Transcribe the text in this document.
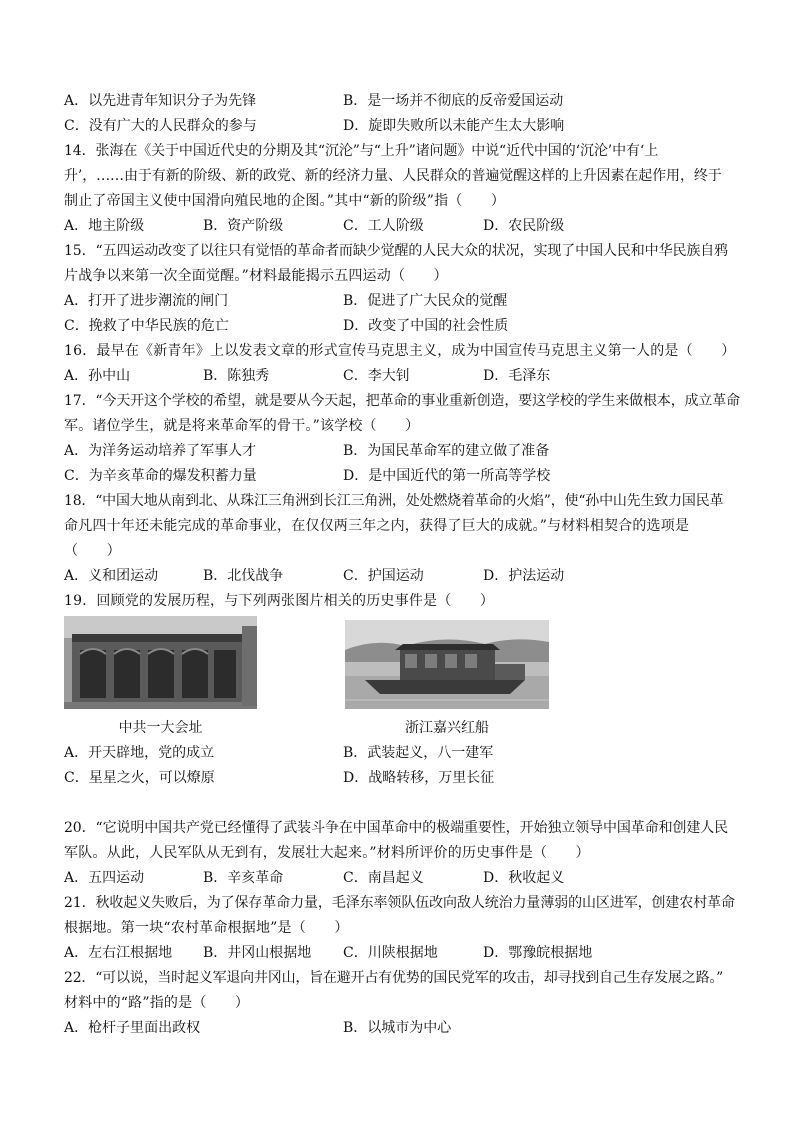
A．以先进青年知识分子为先锋	B．是一场并不彻底的反帝爱国运动
C．没有广大的人民群众的参与	D．旋即失败所以未能产生太大影响
14．张海在《关于中国近代史的分期及其“沉沦”与“上升”诸问题》中说“近代中国的‘沉沦’中有‘上
升’，……由于有新的阶级、新的政党、新的经济力量、人民群众的普遍觉醒这样的上升因素在起作用，终于
制止了帝国主义使中国滑向殖民地的企图。”其中“新的阶级”指（　　）
A．地主阶级	B．资产阶级	C．工人阶级	D．农民阶级
15．“五四运动改变了以往只有觉悟的革命者而缺少觉醒的人民大众的状况，实现了中国人民和中华民族自鸦
片战争以来第一次全面觉醒。”材料最能揭示五四运动（　　）
A．打开了进步潮流的闸门	B．促进了广大民众的觉醒
C．挽救了中华民族的危亡	D．改变了中国的社会性质
16．最早在《新青年》上以发表文章的形式宣传马克思主义，成为中国宣传马克思主义第一人的是（　　）
A．孙中山	B．陈独秀	C．李大钊	D．毛泽东
17．“今天开这个学校的希望，就是要从今天起，把革命的事业重新创造，要这学校的学生来做根本，成立革命
军。诸位学生，就是将来革命军的骨干。”该学校（　　）
A．为洋务运动培养了军事人才	B．为国民革命军的建立做了准备
C．为辛亥革命的爆发积蓄力量	D．是中国近代的第一所高等学校
18．“中国大地从南到北、从珠江三角洲到长江三角洲，处处燃烧着革命的火焰”，使“孙中山先生致力国民革
命凡四十年还未能完成的革命事业，在仅仅两三年之内，获得了巨大的成就。”与材料相契合的选项是
（　　）
A．义和团运动	B．北伐战争	C．护国运动	D．护法运动
19．回顾党的发展历程，与下列两张图片相关的历史事件是（　　）
中共一大会址	浙江嘉兴红船
A．开天辟地，党的成立	B．武装起义，八一建军
C．星星之火，可以燎原	D．战略转移，万里长征
20．“它说明中国共产党已经懂得了武装斗争在中国革命中的极端重要性，开始独立领导中国革命和创建人民
军队。从此，人民军队从无到有，发展壮大起来。”材料所评价的历史事件是（　　）
A．五四运动	B．辛亥革命	C．南昌起义	D．秋收起义
21．秋收起义失败后，为了保存革命力量，毛泽东率领队伍改向敌人统治力量薄弱的山区进军，创建农村革命
根据地。第一块“农村革命根据地”是（　　）
A．左右江根据地 B．井冈山根据地 C．川陕根据地	D．鄂豫皖根据地
22．“可以说，当时起义军退向井冈山，旨在避开占有优势的国民党军的攻击，却寻找到自己生存发展之路。”
材料中的“路”指的是（　　）
A．枪杆子里面出政权	B．以城市为中心
